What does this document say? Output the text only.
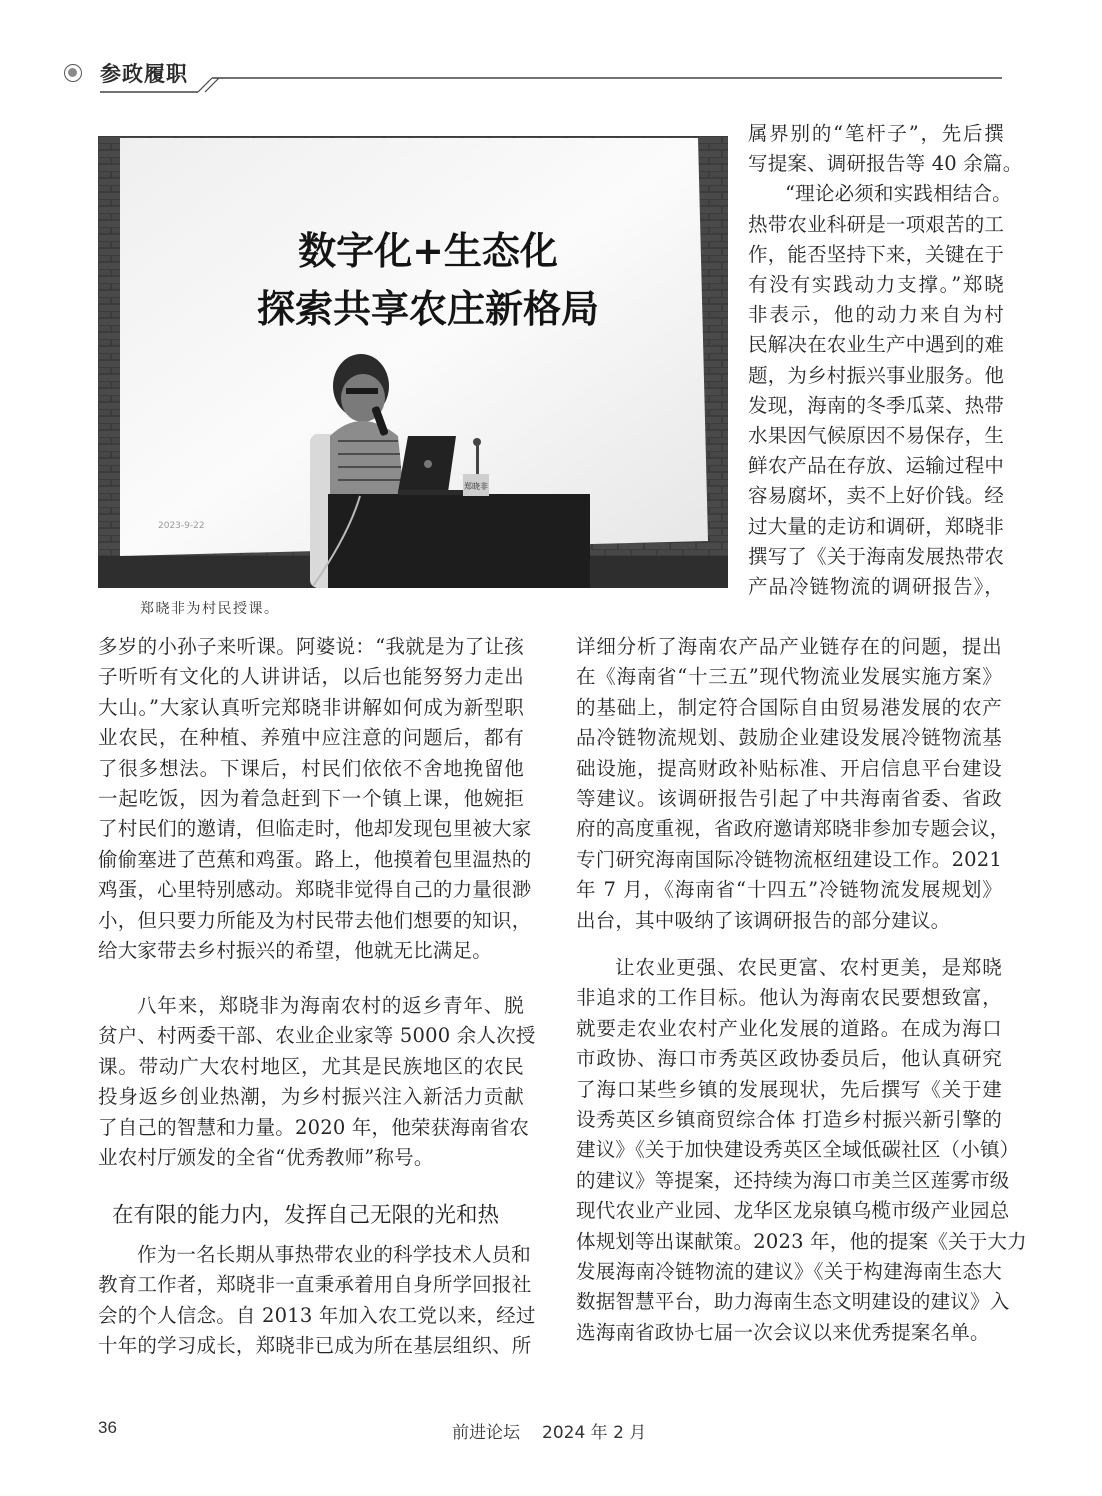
参政履职
数字化+生态化
探索共享农庄新格局
2023-9-22
郑晓非
郑晓非为村民授课。
属界别的“笔杆子”，先后撰
写提案、调研报告等 40 余篇。
“理论必须和实践相结合。
热带农业科研是一项艰苦的工
作，能否坚持下来，关键在于
有没有实践动力支撑。”郑晓
非表示，他的动力来自为村
民解决在农业生产中遇到的难
题，为乡村振兴事业服务。他
发现，海南的冬季瓜菜、热带
水果因气候原因不易保存，生
鲜农产品在存放、运输过程中
容易腐坏，卖不上好价钱。经
过大量的走访和调研，郑晓非
撰写了《关于海南发展热带农
产品冷链物流的调研报告》，
多岁的小孙子来听课。阿婆说：“我就是为了让孩
子听听有文化的人讲讲话，以后也能努努力走出
大山。”大家认真听完郑晓非讲解如何成为新型职
业农民，在种植、养殖中应注意的问题后，都有
了很多想法。下课后，村民们依依不舍地挽留他
一起吃饭，因为着急赶到下一个镇上课，他婉拒
了村民们的邀请，但临走时，他却发现包里被大家
偷偷塞进了芭蕉和鸡蛋。路上，他摸着包里温热的
鸡蛋，心里特别感动。郑晓非觉得自己的力量很渺
小，但只要力所能及为村民带去他们想要的知识，
给大家带去乡村振兴的希望，他就无比满足。
八年来，郑晓非为海南农村的返乡青年、脱
贫户、村两委干部、农业企业家等 5000 余人次授
课。带动广大农村地区，尤其是民族地区的农民
投身返乡创业热潮，为乡村振兴注入新活力贡献
了自己的智慧和力量。2020 年，他荣获海南省农
业农村厅颁发的全省“优秀教师”称号。
作为一名长期从事热带农业的科学技术人员和
教育工作者，郑晓非一直秉承着用自身所学回报社
会的个人信念。自 2013 年加入农工党以来，经过
十年的学习成长，郑晓非已成为所在基层组织、所
在有限的能力内，发挥自己无限的光和热
详细分析了海南农产品产业链存在的问题，提出
在《海南省“十三五”现代物流业发展实施方案》
的基础上，制定符合国际自由贸易港发展的农产
品冷链物流规划、鼓励企业建设发展冷链物流基
础设施，提高财政补贴标准、开启信息平台建设
等建议。该调研报告引起了中共海南省委、省政
府的高度重视，省政府邀请郑晓非参加专题会议，
专门研究海南国际冷链物流枢纽建设工作。2021
年 7 月，《海南省“十四五”冷链物流发展规划》
出台，其中吸纳了该调研报告的部分建议。
让农业更强、农民更富、农村更美，是郑晓
非追求的工作目标。他认为海南农民要想致富，
就要走农业农村产业化发展的道路。在成为海口
市政协、海口市秀英区政协委员后，他认真研究
了海口某些乡镇的发展现状，先后撰写《关于建
设秀英区乡镇商贸综合体 打造乡村振兴新引擎的
建议》《关于加快建设秀英区全域低碳社区（小镇）
的建议》等提案，还持续为海口市美兰区莲雾市级
现代农业产业园、龙华区龙泉镇乌榄市级产业园总
体规划等出谋献策。2023 年，他的提案《关于大力
发展海南冷链物流的建议》《关于构建海南生态大
数据智慧平台，助力海南生态文明建设的建议》入
选海南省政协七届一次会议以来优秀提案名单。
36	前进论坛 2024 年 2 月
